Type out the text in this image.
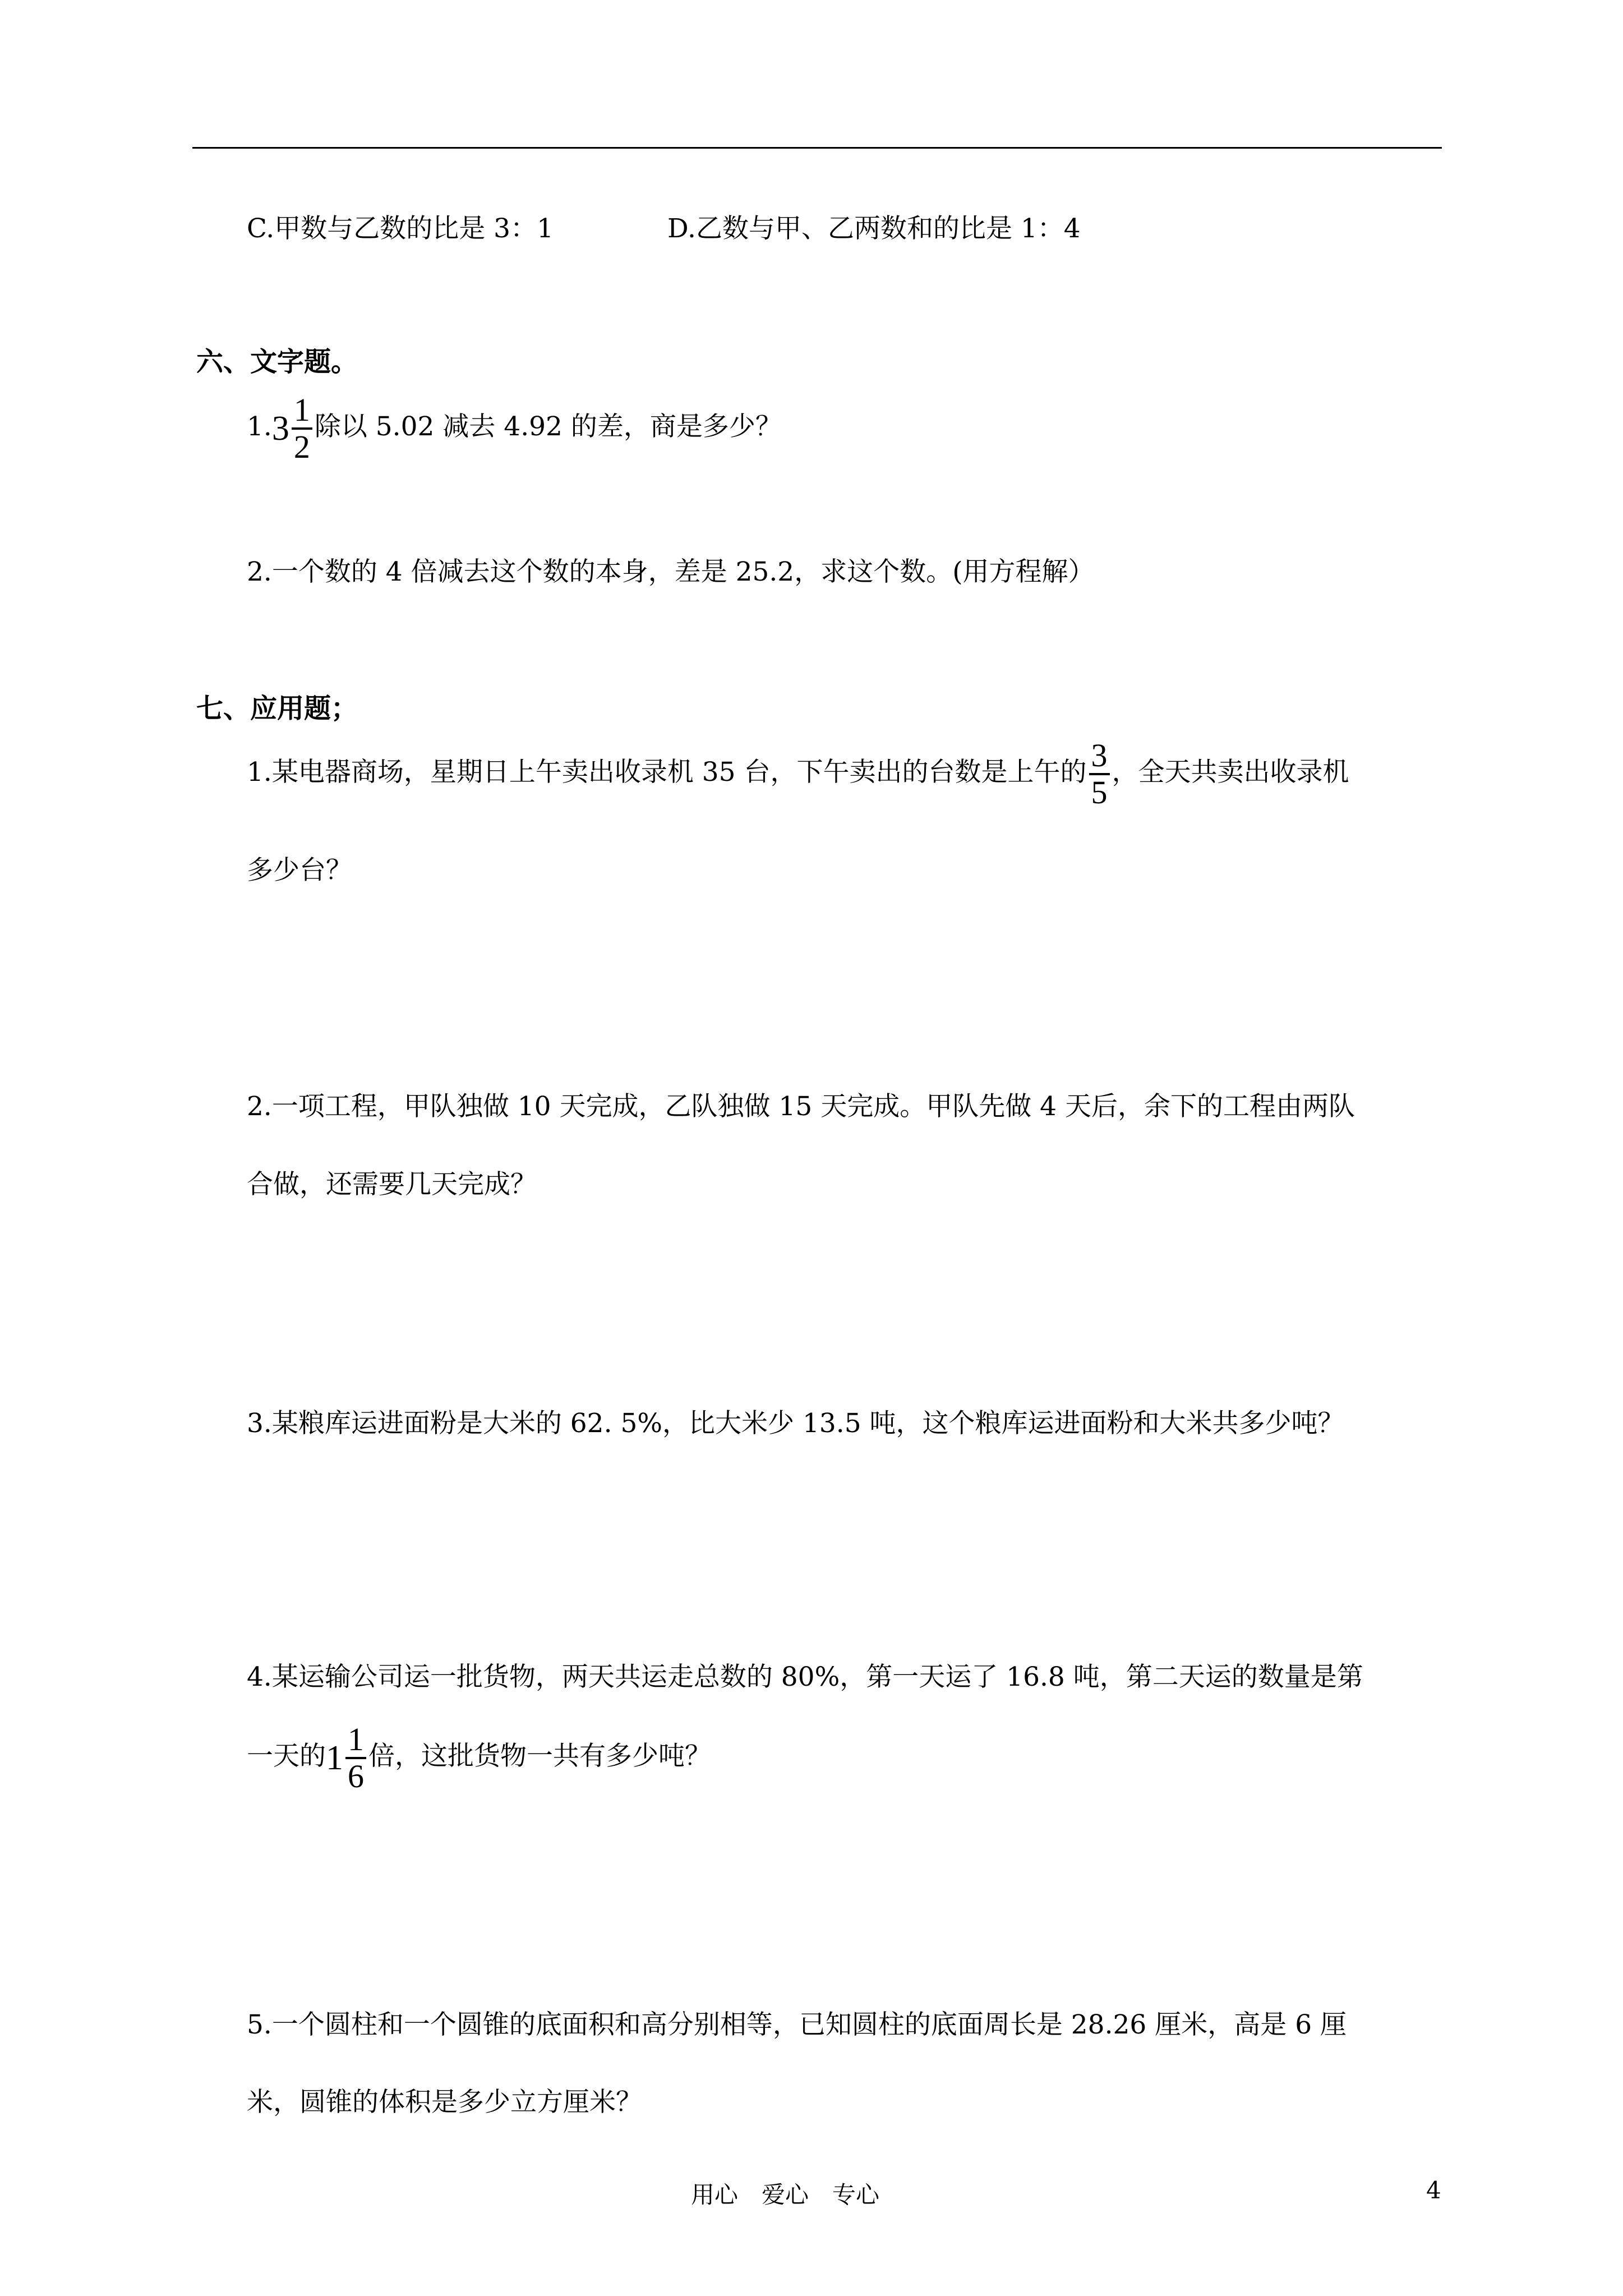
C.甲数与乙数的比是 3：1	D.乙数与甲、乙两数和的比是 1：4
六、文字题。
$1.3 \frac{1}{2}$ 除以 5.02 减去 4.92 的差，商是多少？
2.一个数的 4 倍减去这个数的本身，差是 25.2，求这个数。(用方程解）
七、应用题；
1.某电器商场，星期日上午卖出收录机 35 台，下午卖出的台数是上午的 $\frac{3}{5}$ ，全天共卖出收录机
多少台？
2.一项工程，甲队独做 10 天完成，乙队独做 15 天完成。甲队先做 4 天后，余下的工程由两队
合做，还需要几天完成？
3.某粮库运进面粉是大米的 62. 5%，比大米少 13.5 吨，这个粮库运进面粉和大米共多少吨？
4.某运输公司运一批货物，两天共运走总数的 80%，第一天运了 16.8 吨，第二天运的数量是第
一天的$1 \frac{1}{6}$ 倍，这批货物一共有多少吨？
5.一个圆柱和一个圆锥的底面积和高分别相等，已知圆柱的底面周长是 28.26 厘米，高是 6 厘
米，圆锥的体积是多少立方厘米？
用心　爱心　专心	4
